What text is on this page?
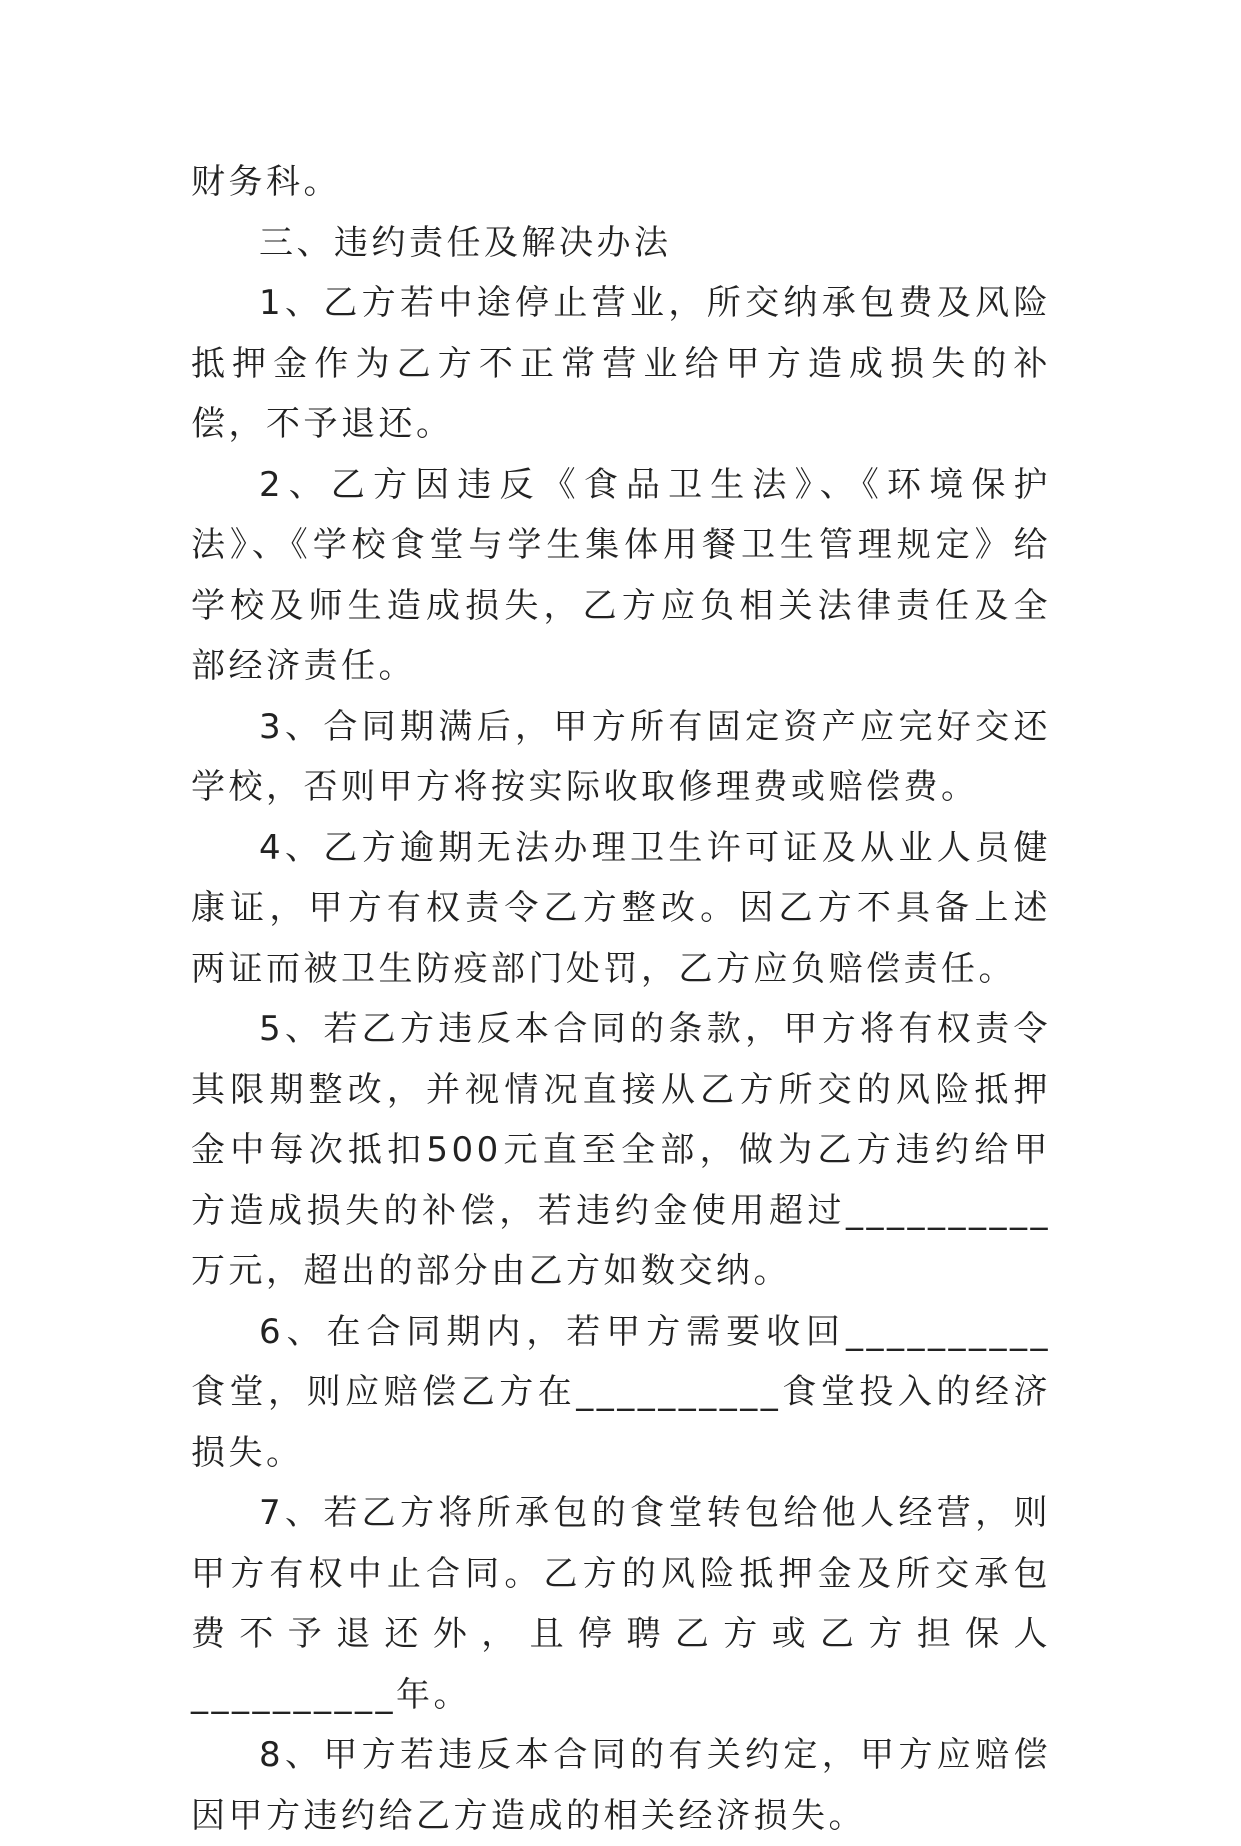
财务科。

三、违约责任及解决办法

1、乙方若中途停止营业，所交纳承包费及风险抵押金作为乙方不正常营业给甲方造成损失的补偿，不予退还。

2、乙方因违反《食品卫生法》、《环境保护法》、《学校食堂与学生集体用餐卫生管理规定》给学校及师生造成损失，乙方应负相关法律责任及全部经济责任。

3、合同期满后，甲方所有固定资产应完好交还学校，否则甲方将按实际收取修理费或赔偿费。

4、乙方逾期无法办理卫生许可证及从业人员健康证，甲方有权责令乙方整改。因乙方不具备上述两证而被卫生防疫部门处罚，乙方应负赔偿责任。

5、若乙方违反本合同的条款，甲方将有权责令其限期整改，并视情况直接从乙方所交的风险抵押金中每次抵扣500元直至全部，做为乙方违约给甲方造成损失的补偿，若违约金使用超过__________万元，超出的部分由乙方如数交纳。

6、在合同期内，若甲方需要收回__________食堂，则应赔偿乙方在__________食堂投入的经济损失。

7、若乙方将所承包的食堂转包给他人经营，则甲方有权中止合同。乙方的风险抵押金及所交承包费不予退还外，且停聘乙方或乙方担保人__________年。

8、甲方若违反本合同的有关约定，甲方应赔偿因甲方违约给乙方造成的相关经济损失。
